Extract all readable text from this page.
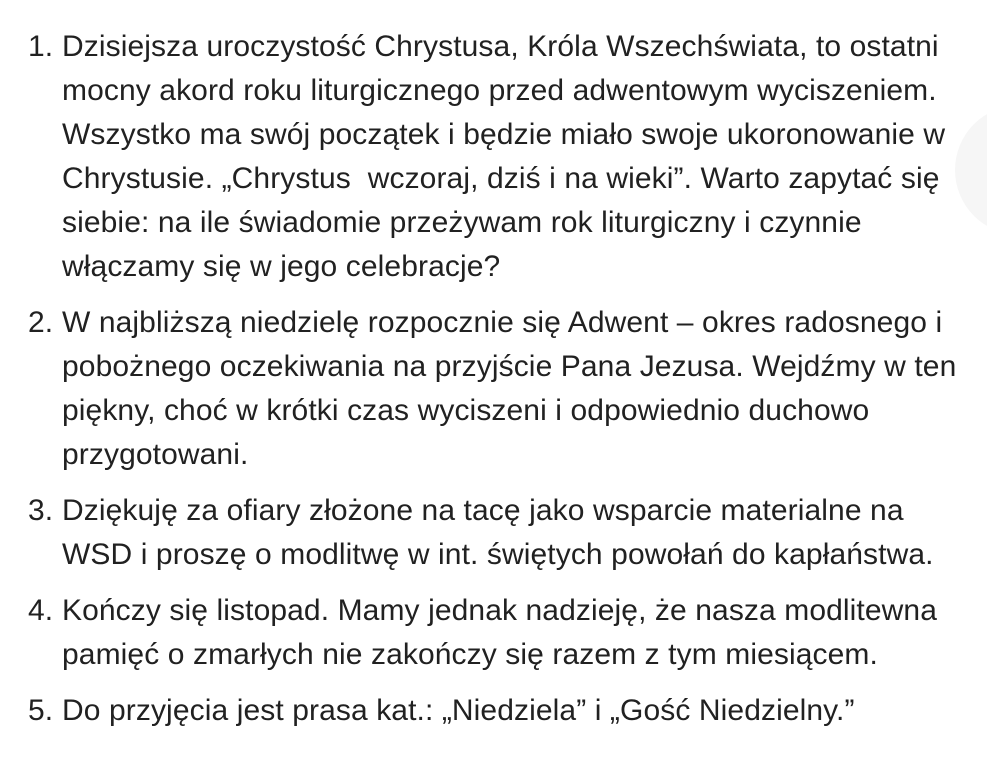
1. Dzisiejsza uroczystość Chrystusa, Króla Wszechświata, to ostatni mocny akord roku liturgicznego przed adwentowym wyciszeniem. Wszystko ma swój początek i będzie miało swoje ukoronowanie w Chrystusie. „Chrystus  wczoraj, dziś i na wieki”. Warto zapytać się siebie: na ile świadomie przeżywam rok liturgiczny i czynnie włączamy się w jego celebracje?
2. W najbliższą niedzielę rozpocznie się Adwent – okres radosnego i pobożnego oczekiwania na przyjście Pana Jezusa. Wejdźmy w ten piękny, choć w krótki czas wyciszeni i odpowiednio duchowo przygotowani.
3. Dziękuję za ofiary złożone na tacę jako wsparcie materialne na WSD i proszę o modlitwę w int. świętych powołań do kapłaństwa.
4. Kończy się listopad. Mamy jednak nadzieję, że nasza modlitewna pamięć o zmarłych nie zakończy się razem z tym miesiącem.
5. Do przyjęcia jest prasa kat.: „Niedziela” i „Gość Niedzielny.”
